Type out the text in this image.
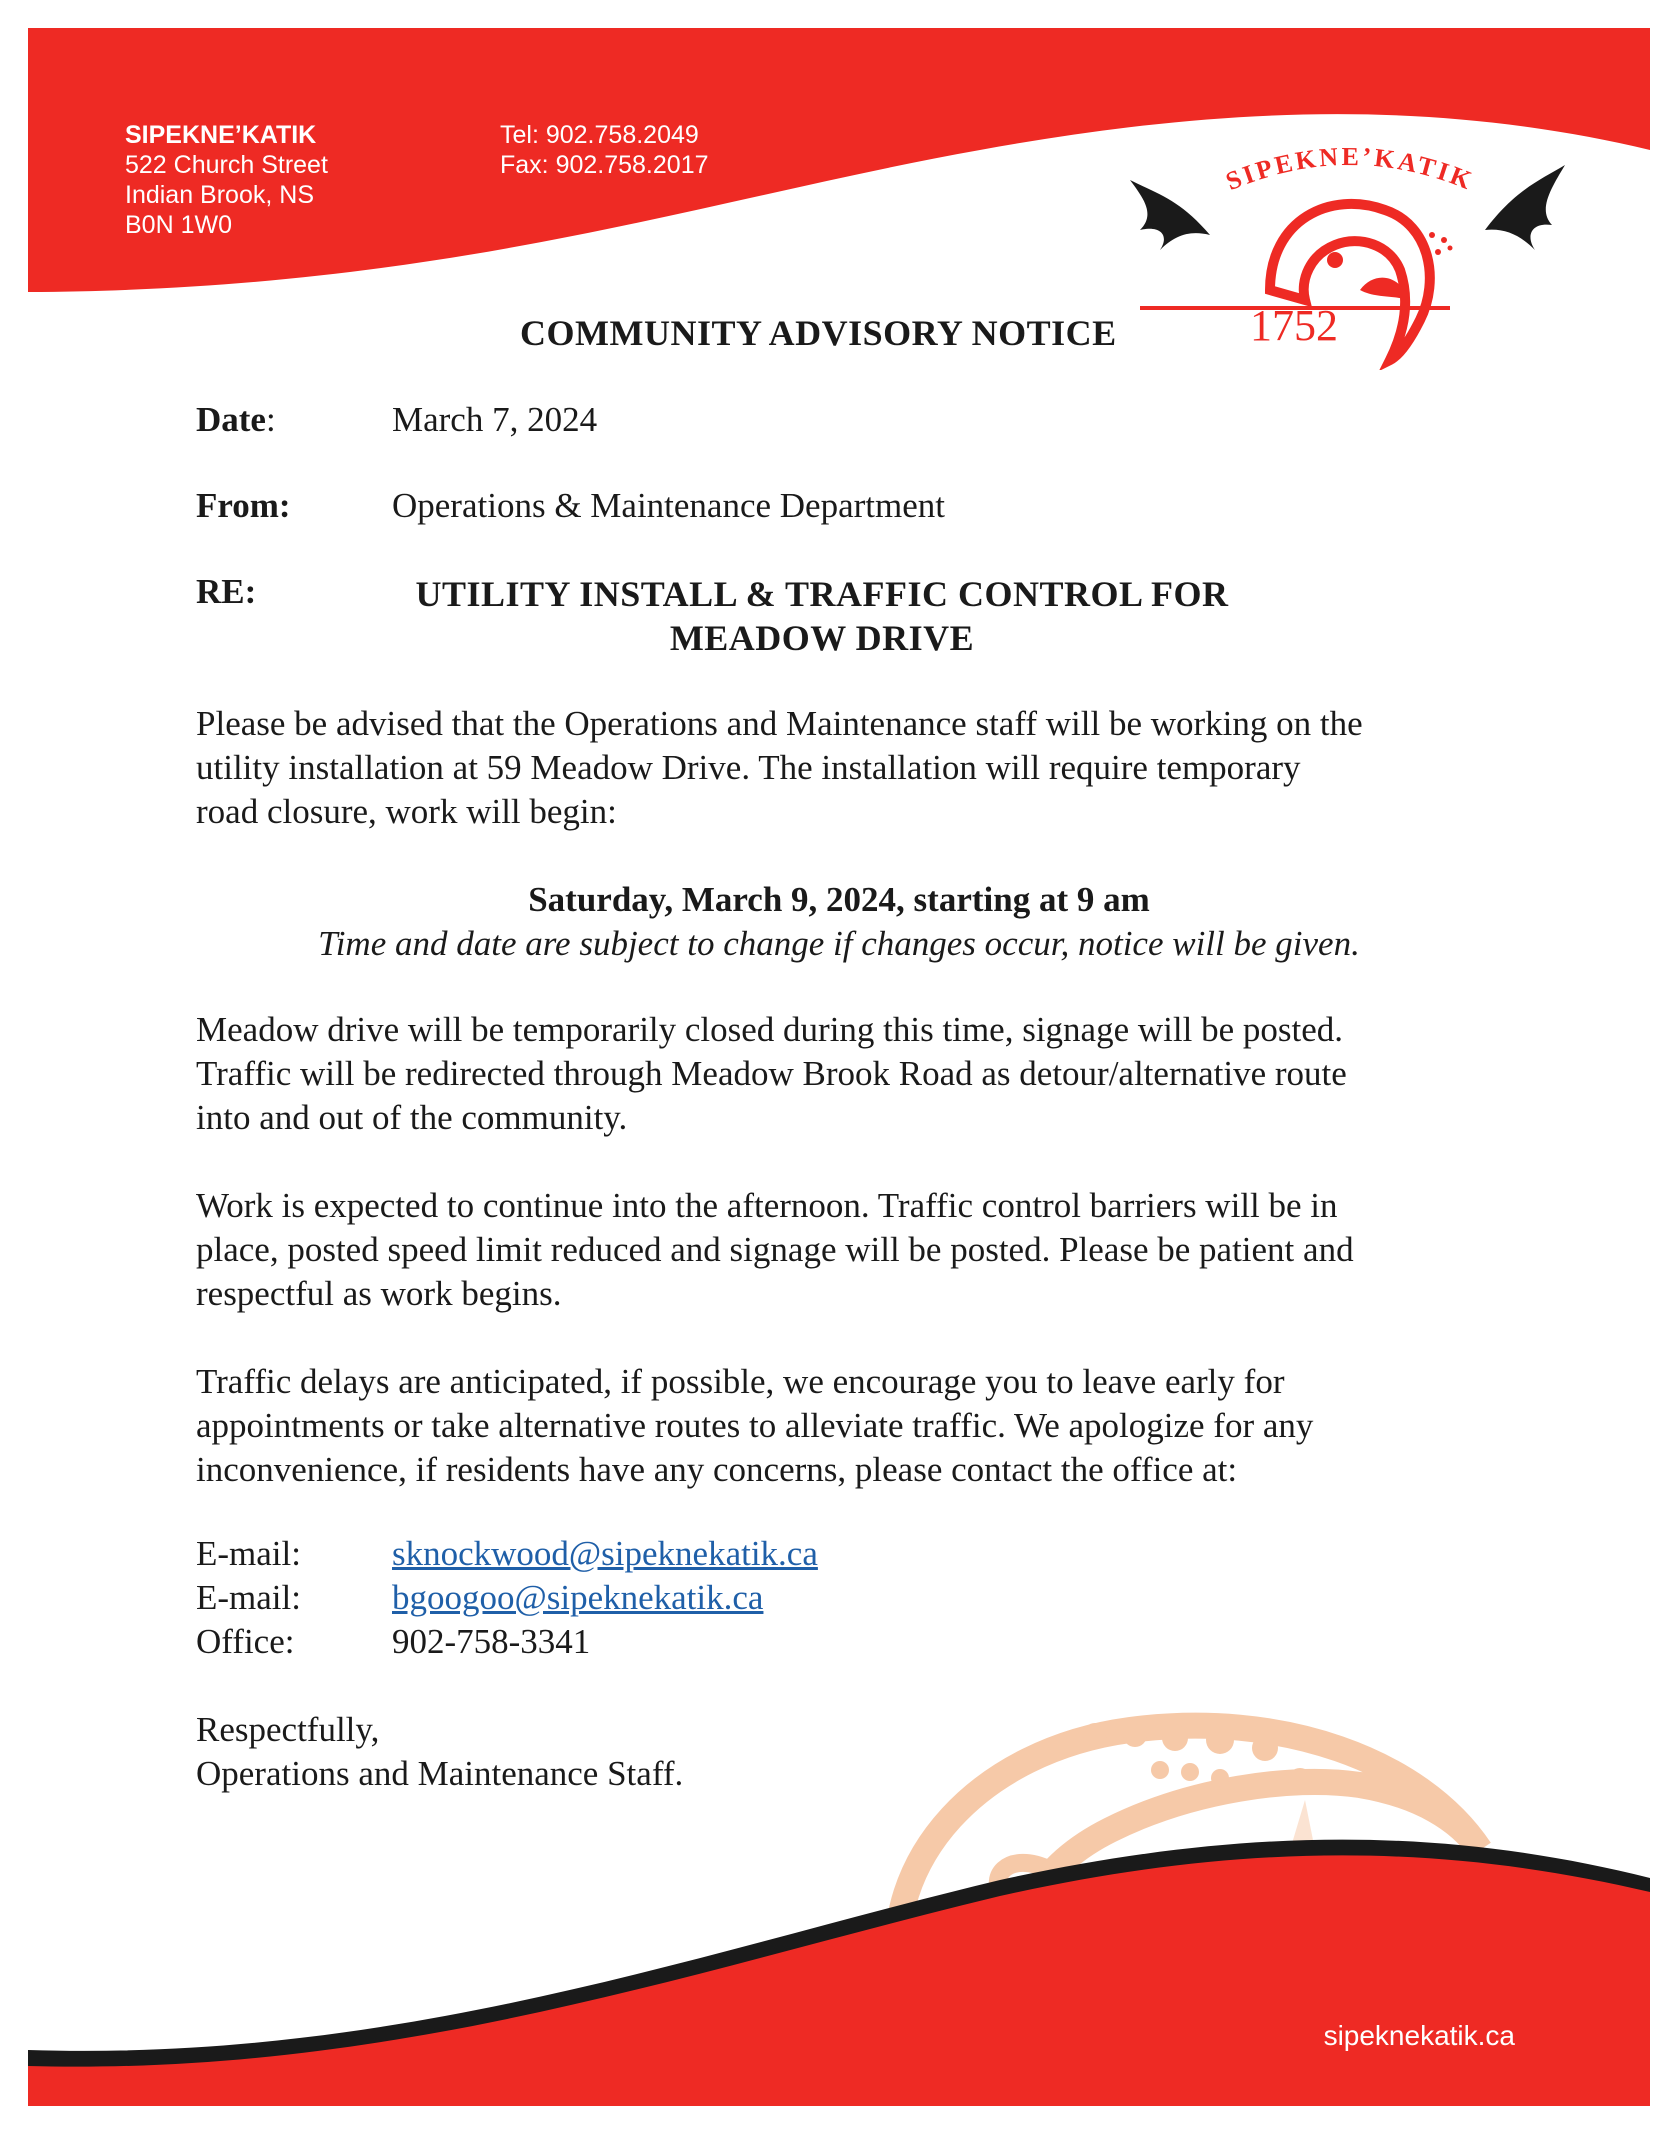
SIPEKNE’KATIK
522 Church Street
Indian Brook, NS
B0N 1W0
Tel: 902.758.2049
Fax: 902.758.2017	SIPEKNE’KATIK
1752
COMMUNITY ADVISORY NOTICE
Date:	March 7, 2024
From:	Operations & Maintenance Department
RE:	UTILITY INSTALL & TRAFFIC CONTROL FOR
MEADOW DRIVE
Please be advised that the Operations and Maintenance staff will be working on the
utility installation at 59 Meadow Drive. The installation will require temporary
road closure, work will begin:
Saturday, March 9, 2024, starting at 9 am
Time and date are subject to change if changes occur, notice will be given.
Meadow drive will be temporarily closed during this time, signage will be posted.
Traffic will be redirected through Meadow Brook Road as detour/alternative route
into and out of the community.
Work is expected to continue into the afternoon. Traffic control barriers will be in
place, posted speed limit reduced and signage will be posted. Please be patient and
respectful as work begins.
Traffic delays are anticipated, if possible, we encourage you to leave early for
appointments or take alternative routes to alleviate traffic. We apologize for any
inconvenience, if residents have any concerns, please contact the office at:
E-mail:	sknockwood@sipeknekatik.ca
E-mail:	bgoogoo@sipeknekatik.ca
Office:	902-758-3341
Respectfully,
Operations and Maintenance Staff.
sipeknekatik.ca
